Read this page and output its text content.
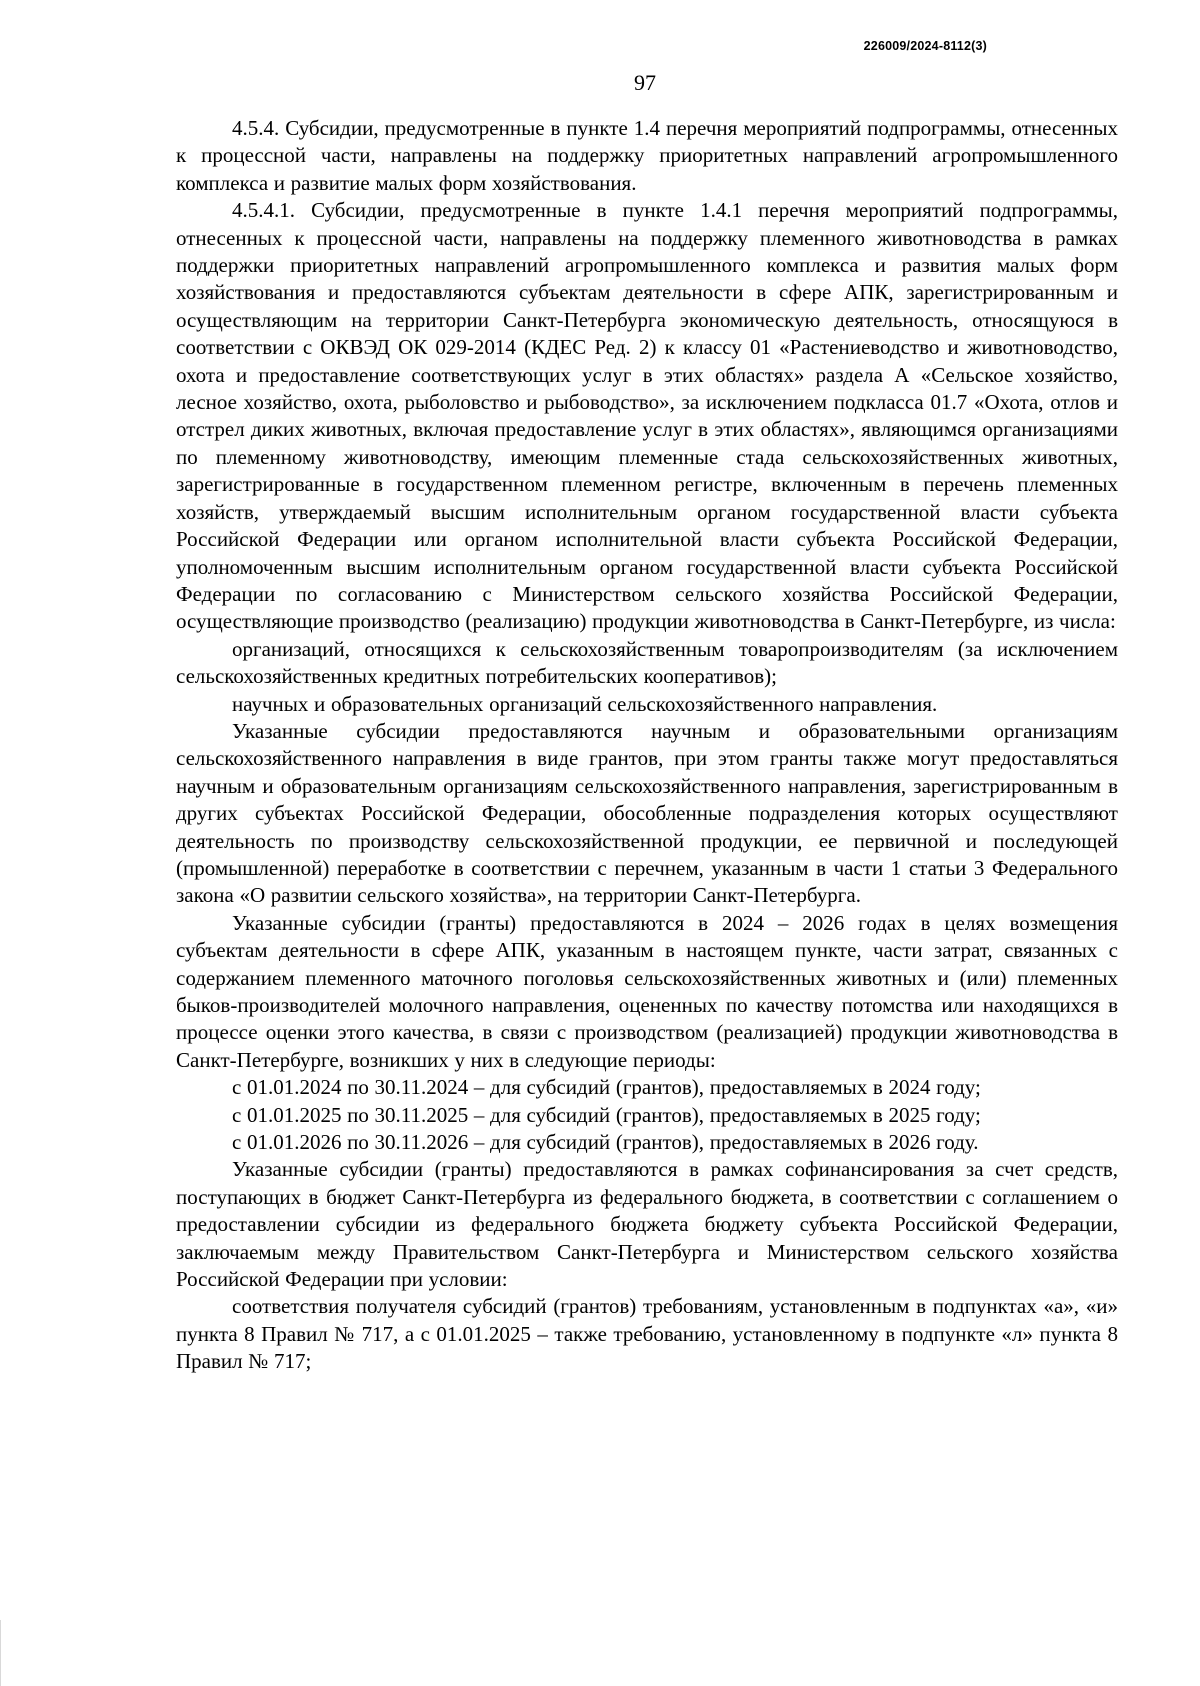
226009/2024-8112(3)
97

4.5.4. Субсидии, предусмотренные в пункте 1.4 перечня мероприятий подпрограммы, отнесенных к процессной части, направлены на поддержку приоритетных направлений агропромышленного комплекса и развитие малых форм хозяйствования.

4.5.4.1. Субсидии, предусмотренные в пункте 1.4.1 перечня мероприятий подпрограммы, отнесенных к процессной части, направлены на поддержку племенного животноводства в рамках поддержки приоритетных направлений агропромышленного комплекса и развития малых форм хозяйствования и предоставляются субъектам деятельности в сфере АПК, зарегистрированным и осуществляющим на территории Санкт-Петербурга экономическую деятельность, относящуюся в соответствии с ОКВЭД ОК 029-2014 (КДЕС Ред. 2) к классу 01 «Растениеводство и животноводство, охота и предоставление соответствующих услуг в этих областях» раздела А «Сельское хозяйство, лесное хозяйство, охота, рыболовство и рыбоводство», за исключением подкласса 01.7 «Охота, отлов и отстрел диких животных, включая предоставление услуг в этих областях», являющимся организациями по племенному животноводству, имеющим племенные стада сельскохозяйственных животных, зарегистрированные в государственном племенном регистре, включенным в перечень племенных хозяйств, утверждаемый высшим исполнительным органом государственной власти субъекта Российской Федерации или органом исполнительной власти субъекта Российской Федерации, уполномоченным высшим исполнительным органом государственной власти субъекта Российской Федерации по согласованию с Министерством сельского хозяйства Российской Федерации, осуществляющие производство (реализацию) продукции животноводства в Санкт-Петербурге, из числа:

организаций, относящихся к сельскохозяйственным товаропроизводителям (за исключением сельскохозяйственных кредитных потребительских кооперативов);

научных и образовательных организаций сельскохозяйственного направления.

Указанные субсидии предоставляются научным и образовательными организациям сельскохозяйственного направления в виде грантов, при этом гранты также могут предоставляться научным и образовательным организациям сельскохозяйственного направления, зарегистрированным в других субъектах Российской Федерации, обособленные подразделения которых осуществляют деятельность по производству сельскохозяйственной продукции, ее первичной и последующей (промышленной) переработке в соответствии с перечнем, указанным в части 1 статьи 3 Федерального закона «О развитии сельского хозяйства», на территории Санкт-Петербурга.

Указанные субсидии (гранты) предоставляются в 2024 – 2026 годах в целях возмещения субъектам деятельности в сфере АПК, указанным в настоящем пункте, части затрат, связанных с содержанием племенного маточного поголовья сельскохозяйственных животных и (или) племенных быков-производителей молочного направления, оцененных по качеству потомства или находящихся в процессе оценки этого качества, в связи с производством (реализацией) продукции животноводства в Санкт-Петербурге, возникших у них в следующие периоды:

с 01.01.2024 по 30.11.2024 – для субсидий (грантов), предоставляемых в 2024 году;

с 01.01.2025 по 30.11.2025 – для субсидий (грантов), предоставляемых в 2025 году;

с 01.01.2026 по 30.11.2026 – для субсидий (грантов), предоставляемых в 2026 году.

Указанные субсидии (гранты) предоставляются в рамках софинансирования за счет средств, поступающих в бюджет Санкт-Петербурга из федерального бюджета, в соответствии с соглашением о предоставлении субсидии из федерального бюджета бюджету субъекта Российской Федерации, заключаемым между Правительством Санкт-Петербурга и Министерством сельского хозяйства Российской Федерации при условии:

соответствия получателя субсидий (грантов) требованиям, установленным в подпунктах «а», «и» пункта 8 Правил № 717, а с 01.01.2025 – также требованию, установленному в подпункте «л» пункта 8 Правил № 717;
